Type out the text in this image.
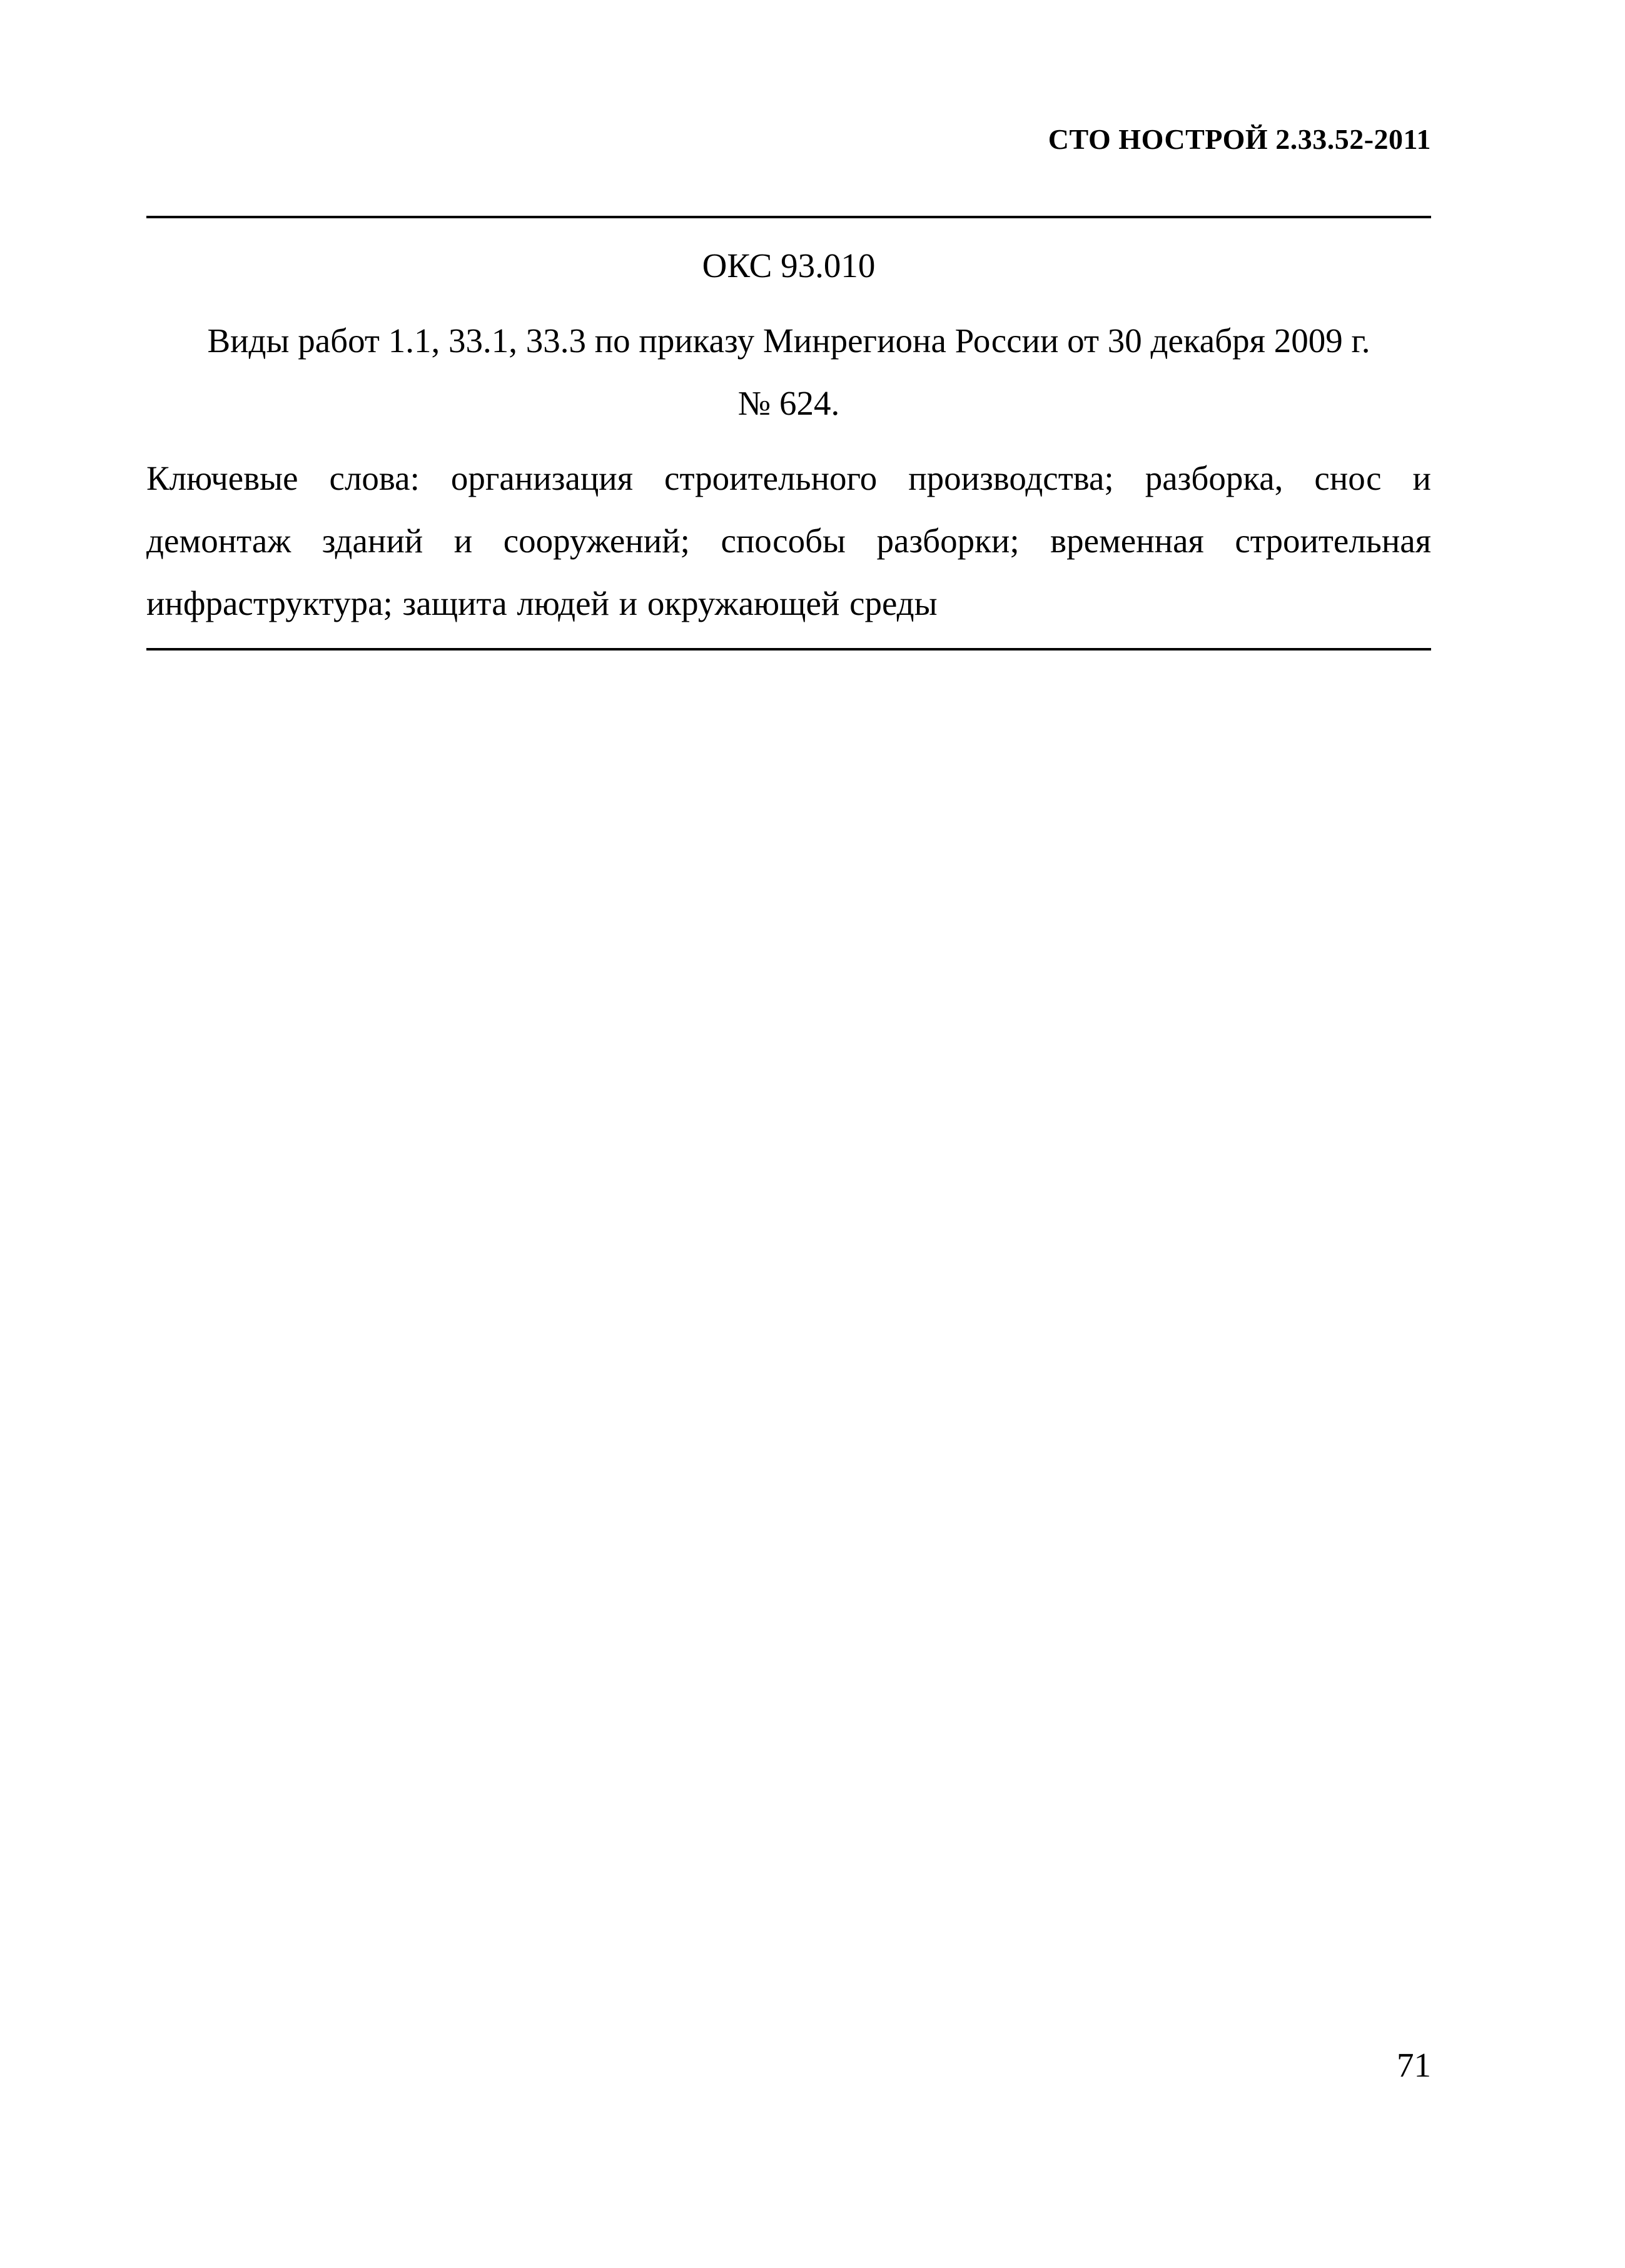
СТО НОСТРОЙ 2.33.52-2011
ОКС 93.010
Виды работ 1.1, 33.1, 33.3 по приказу Минрегиона России от 30 декабря 2009 г.
№ 624.
Ключевые слова: организация строительного производства; разборка, снос и демонтаж зданий и сооружений; способы разборки; временная строительная инфраструктура; защита людей и окружающей среды
71
